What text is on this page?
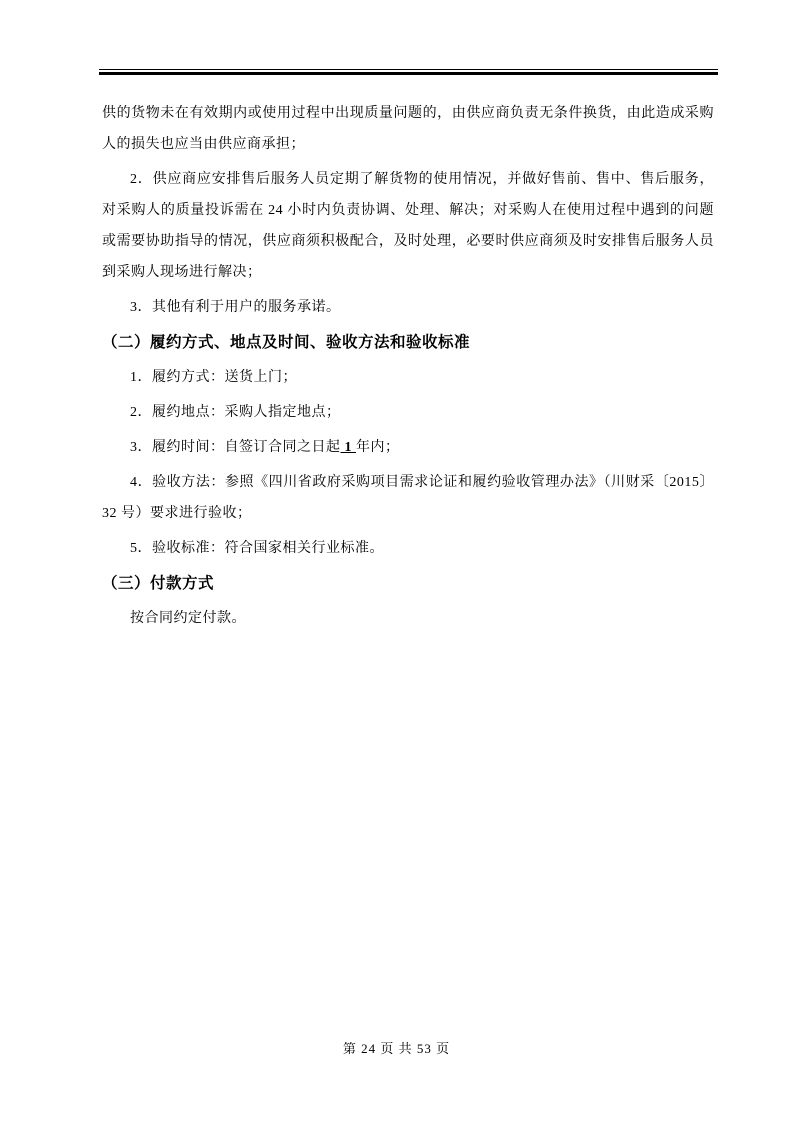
供的货物未在有效期内或使用过程中出现质量问题的，由供应商负责无条件换货，由此造成采购人的损失也应当由供应商承担；

2．供应商应安排售后服务人员定期了解货物的使用情况，并做好售前、售中、售后服务，对采购人的质量投诉需在 24 小时内负责协调、处理、解决；对采购人在使用过程中遇到的问题或需要协助指导的情况，供应商须积极配合，及时处理，必要时供应商须及时安排售后服务人员到采购人现场进行解决；

3．其他有利于用户的服务承诺。

（二）履约方式、地点及时间、验收方法和验收标准

1．履约方式：送货上门；

2．履约地点：采购人指定地点；

3．履约时间：自签订合同之日起 1 年内；

4．验收方法：参照《四川省政府采购项目需求论证和履约验收管理办法》（川财采〔2015〕32 号）要求进行验收；

5．验收标准：符合国家相关行业标准。

（三）付款方式

按合同约定付款。

第 24 页 共 53 页
